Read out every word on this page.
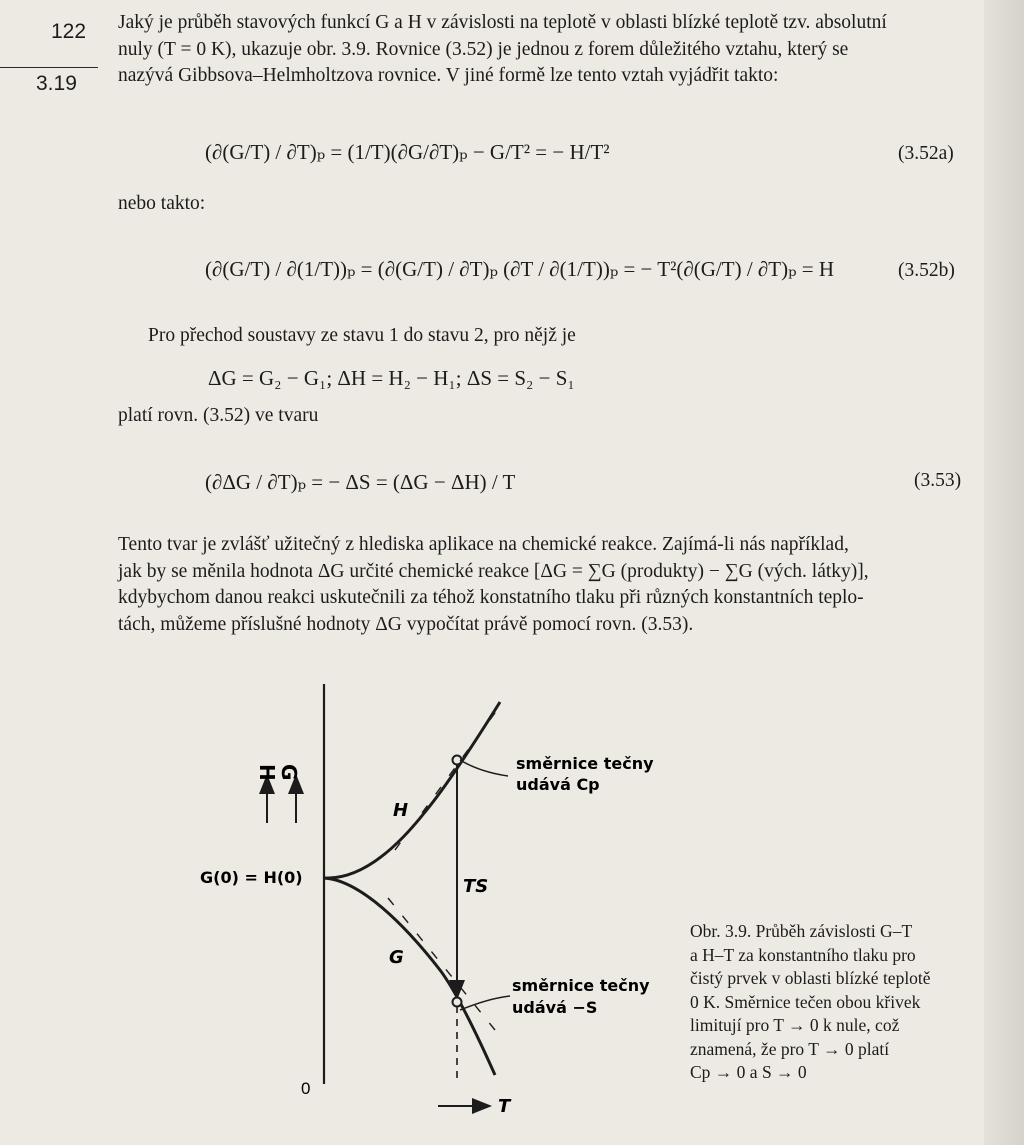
122
3.19
Jaký je průběh stavových funkcí G a H v závislosti na teplotě v oblasti blízké teplotě tzv. absolutní
nuly (T = 0 K), ukazuje obr. 3.9. Rovnice (3.52) je jednou z forem důležitého vztahu, který se
nazývá Gibbsova–Helmholtzova rovnice. V jiné formě lze tento vztah vyjádřit takto:
(∂(G/T) / ∂T)ₚ = (1/T)(∂G/∂T)ₚ − G/T² = − H/T²	(3.52a)
nebo takto:
(∂(G/T) / ∂(1/T))ₚ = (∂(G/T) / ∂T)ₚ (∂T / ∂(1/T))ₚ = − T²(∂(G/T) / ∂T)ₚ = H	(3.52b)
Pro přechod soustavy ze stavu 1 do stavu 2, pro nějž je
ΔG = G₂ − G₁; ΔH = H₂ − H₁; ΔS = S₂ − S₁
platí rovn. (3.52) ve tvaru
(∂ΔG / ∂T)ₚ = − ΔS = (ΔG − ΔH) / T	(3.53)
Tento tvar je zvlášť užitečný z hlediska aplikace na chemické reakce. Zajímá-li nás například,
jak by se měnila hodnota ΔG určité chemické reakce [ΔG = ∑G (produkty) − ∑G (vých. látky)],
kdybychom danou reakci uskutečnili za téhož konstatního tlaku při různých konstantních teplo-
tách, můžeme příslušné hodnoty ΔG vypočítat právě pomocí rovn. (3.53).
H
G
H
G
TS
G(0) = H(0)
0
T
směrnice tečny
udává Cp
směrnice tečny
udává −S
Obr. 3.9. Průběh závislosti G–T
a H–T za konstantního tlaku pro
čistý prvek v oblasti blízké teplotě
0 K. Směrnice tečen obou křivek
limitují pro T → 0 k nule, což
znamená, že pro T → 0 platí
Cp → 0 a S → 0
